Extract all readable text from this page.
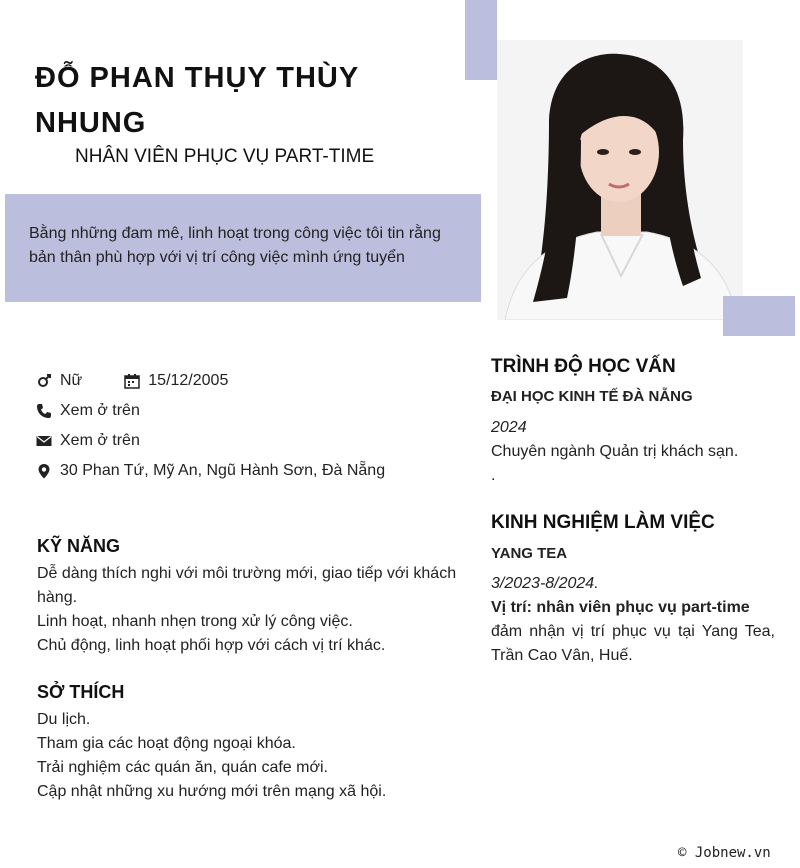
ĐỖ PHAN THỤY THÙY NHUNG
NHÂN VIÊN PHỤC VỤ PART-TIME
Bằng những đam mê, linh hoạt trong công việc tôi tin rằng bản thân phù hợp với vị trí công việc mình ứng tuyển
Nữ	15/12/2005
Xem ở trên
Xem ở trên
30 Phan Tứ, Mỹ An, Ngũ Hành Sơn, Đà Nẵng
KỸ NĂNG
Dễ dàng thích nghi với môi trường mới, giao tiếp với khách hàng.
Linh hoạt, nhanh nhẹn trong xử lý công việc.
Chủ động, linh hoạt phối hợp với cách vị trí khác.
SỞ THÍCH
Du lịch.
Tham gia các hoạt động ngoại khóa.
Trải nghiệm các quán ăn, quán cafe mới.
Cập nhật những xu hướng mới trên mạng xã hội.
TRÌNH ĐỘ HỌC VẤN
ĐẠI HỌC KINH TẾ ĐÀ NẴNG
2024
Chuyên ngành Quản trị khách sạn.
.
KINH NGHIỆM LÀM VIỆC
YANG TEA
3/2023-8/2024.
Vị trí: nhân viên phục vụ part-time
đảm nhận vị trí phục vụ tại Yang Tea, Trần Cao Vân, Huế.
© Jobnew.vn
